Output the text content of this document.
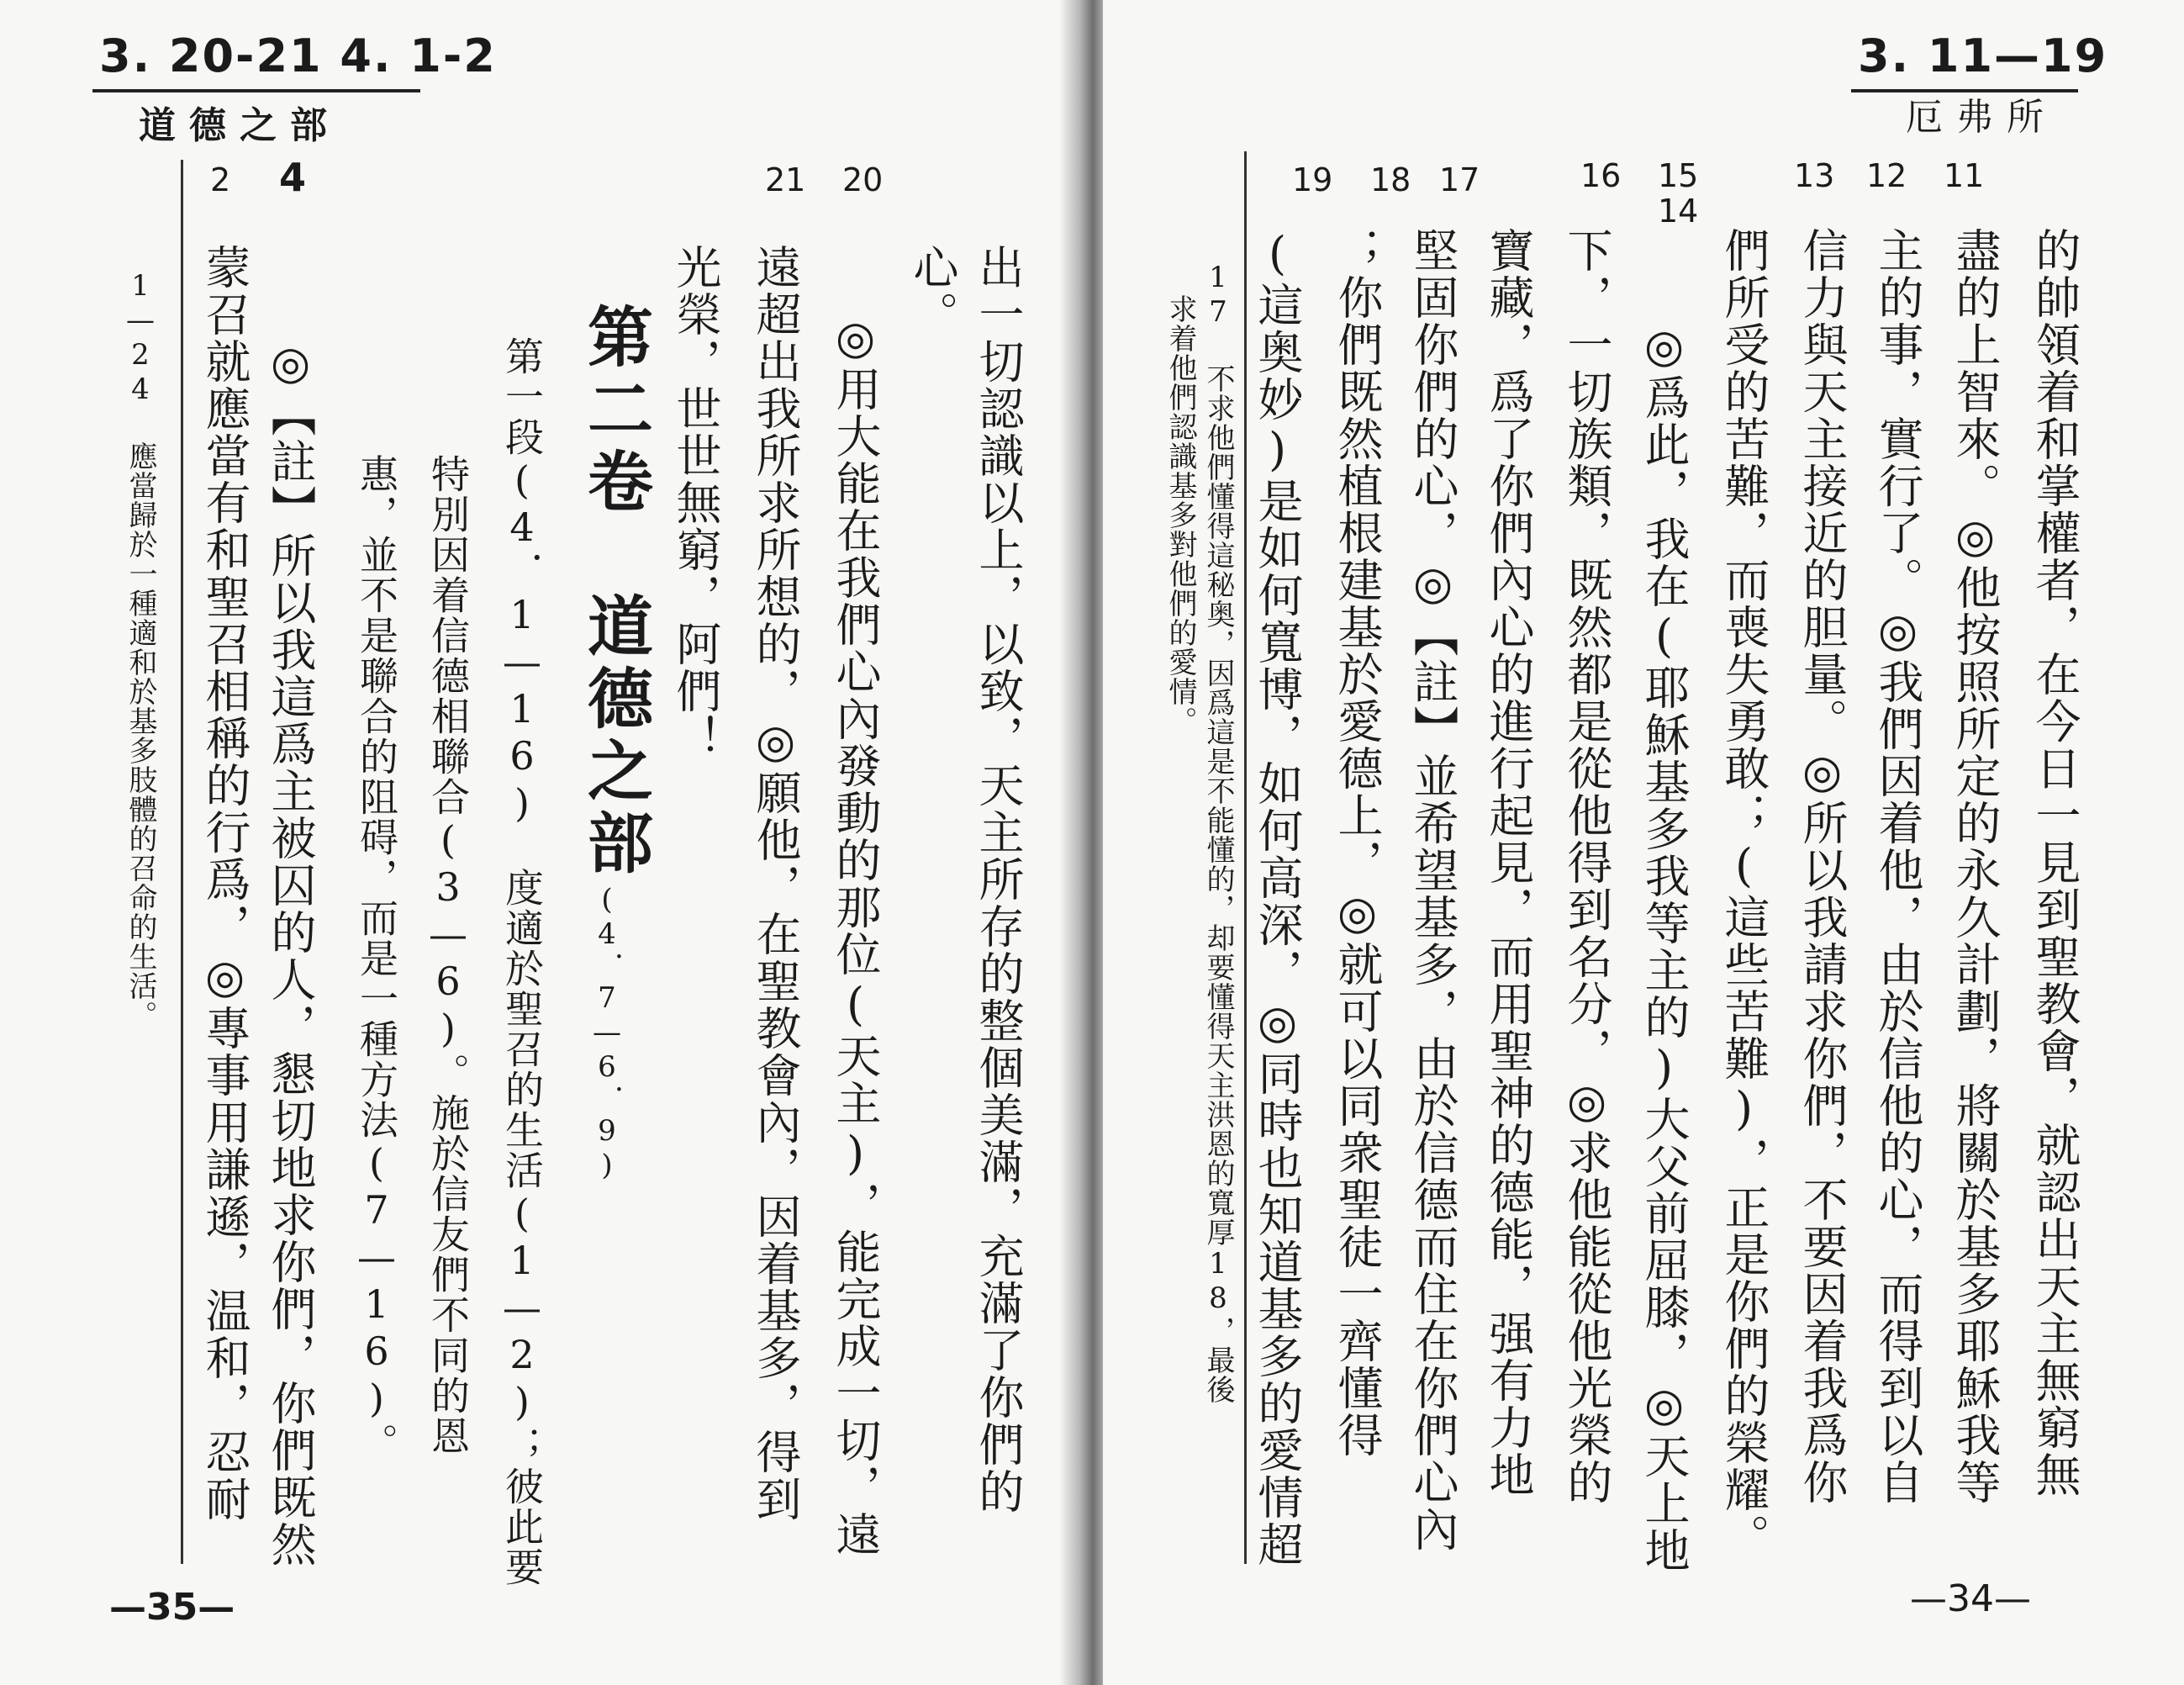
3. 20-21 4. 1-2
道德之部
21 20
4
2
出一切認識以上，以致，天主所存的整個美滿，充滿了你們的
心。
◎用大能在我們心內發動的那位(天主)，能完成一切，遠
遠超出我所求所想的，◎願他，在聖教會內，因着基多，得到
光榮，世世無窮，阿們！
第二卷　道德之部
(4．7—6．9)
第一段(4．1—16)　度適於聖召的生活(1—2)；彼此要
特別因着信德相聯合(3—6)。施於信友們不同的恩
惠，並不是聯合的阻碍，而是一種方法(7—16)。
◎【註】所以我這爲主被囚的人，懇切地求你們，你們既然
蒙召就應當有和聖召相稱的行爲，◎專事用謙遜，温和，忍耐
1—24 應當歸於一種適和於基多肢體的召命的生活。
—35—
3. 11—19
厄弗所
11
12
13
15
14
16
17
18
19
的帥領着和掌權者，在今日一見到聖教會，就認出天主無窮無
盡的上智來。◎他按照所定的永久計劃，將關於基多耶穌我等
主的事，實行了。◎我們因着他，由於信他的心，而得到以自
信力與天主接近的胆量。◎所以我請求你們，不要因着我爲你
們所受的苦難，而喪失勇敢；(這些苦難)，正是你們的榮耀。
◎爲此，我在(耶穌基多我等主的)大父前屈膝，◎天上地
下，一切族類，既然都是從他得到名分，◎求他能從他光榮的
寶藏，爲了你們內心的進行起見，而用聖神的德能，强有力地
堅固你們的心，◎【註】並希望基多，由於信德而住在你們心內
；你們既然植根建基於愛德上，◎就可以同衆聖徒一齊懂得
(這奥妙)是如何寬博，如何高深，◎同時也知道基多的愛情超
17 不求他們懂得這秘奥，因爲這是不能懂的，却要懂得天主洪恩的寬厚18，最後
求着他們認識基多對他們的愛情。
—34—
